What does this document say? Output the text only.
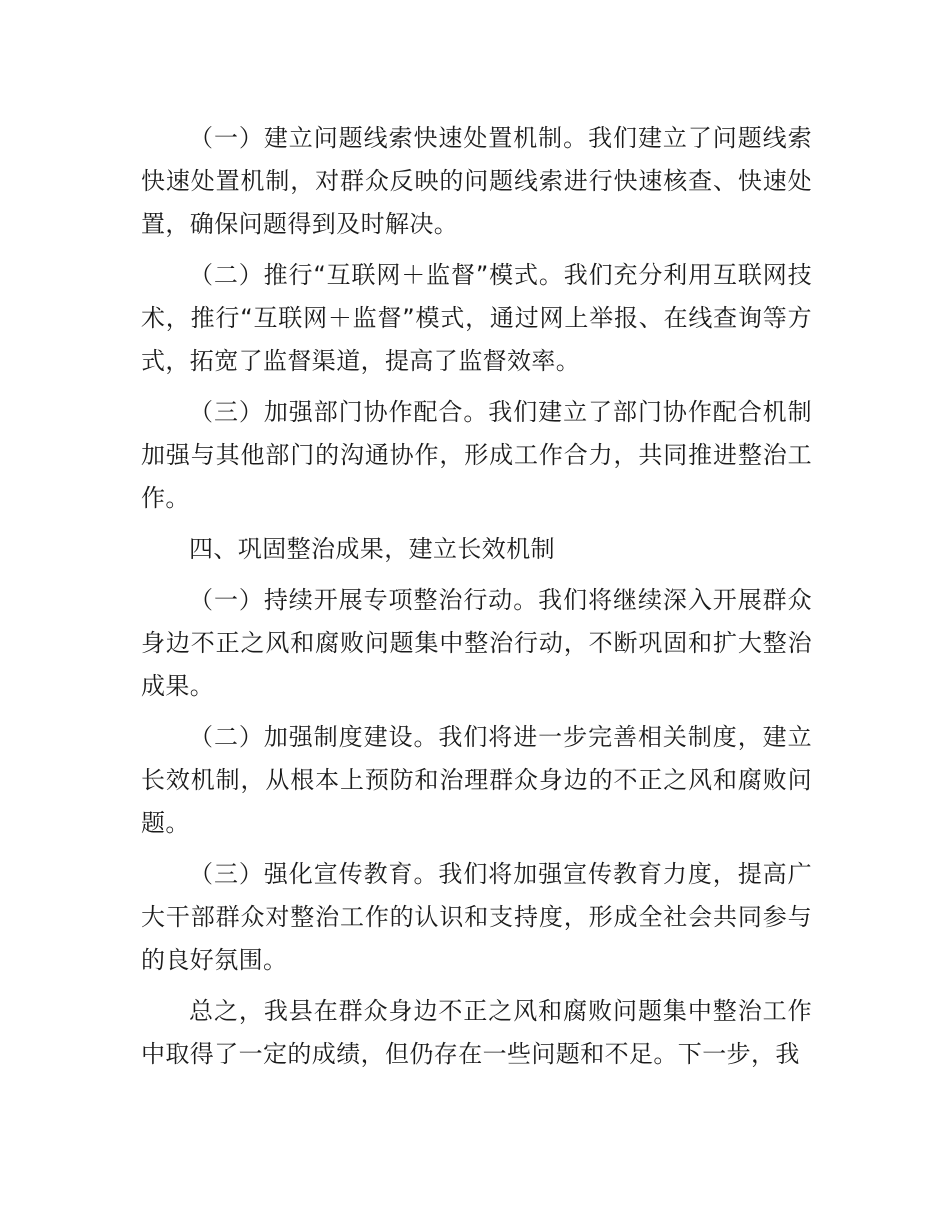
（一）建立问题线索快速处置机制。我们建立了问题线索快速处置机制，对群众反映的问题线索进行快速核查、快速处置，确保问题得到及时解决。

（二）推行“互联网＋监督”模式。我们充分利用互联网技术，推行“互联网＋监督”模式，通过网上举报、在线查询等方式，拓宽了监督渠道，提高了监督效率。

（三）加强部门协作配合。我们建立了部门协作配合机制加强与其他部门的沟通协作，形成工作合力，共同推进整治工作。

四、巩固整治成果，建立长效机制

（一）持续开展专项整治行动。我们将继续深入开展群众身边不正之风和腐败问题集中整治行动，不断巩固和扩大整治成果。

（二）加强制度建设。我们将进一步完善相关制度，建立长效机制，从根本上预防和治理群众身边的不正之风和腐败问题。

（三）强化宣传教育。我们将加强宣传教育力度，提高广大干部群众对整治工作的认识和支持度，形成全社会共同参与的良好氛围。

总之，我县在群众身边不正之风和腐败问题集中整治工作中取得了一定的成绩，但仍存在一些问题和不足。下一步，我
